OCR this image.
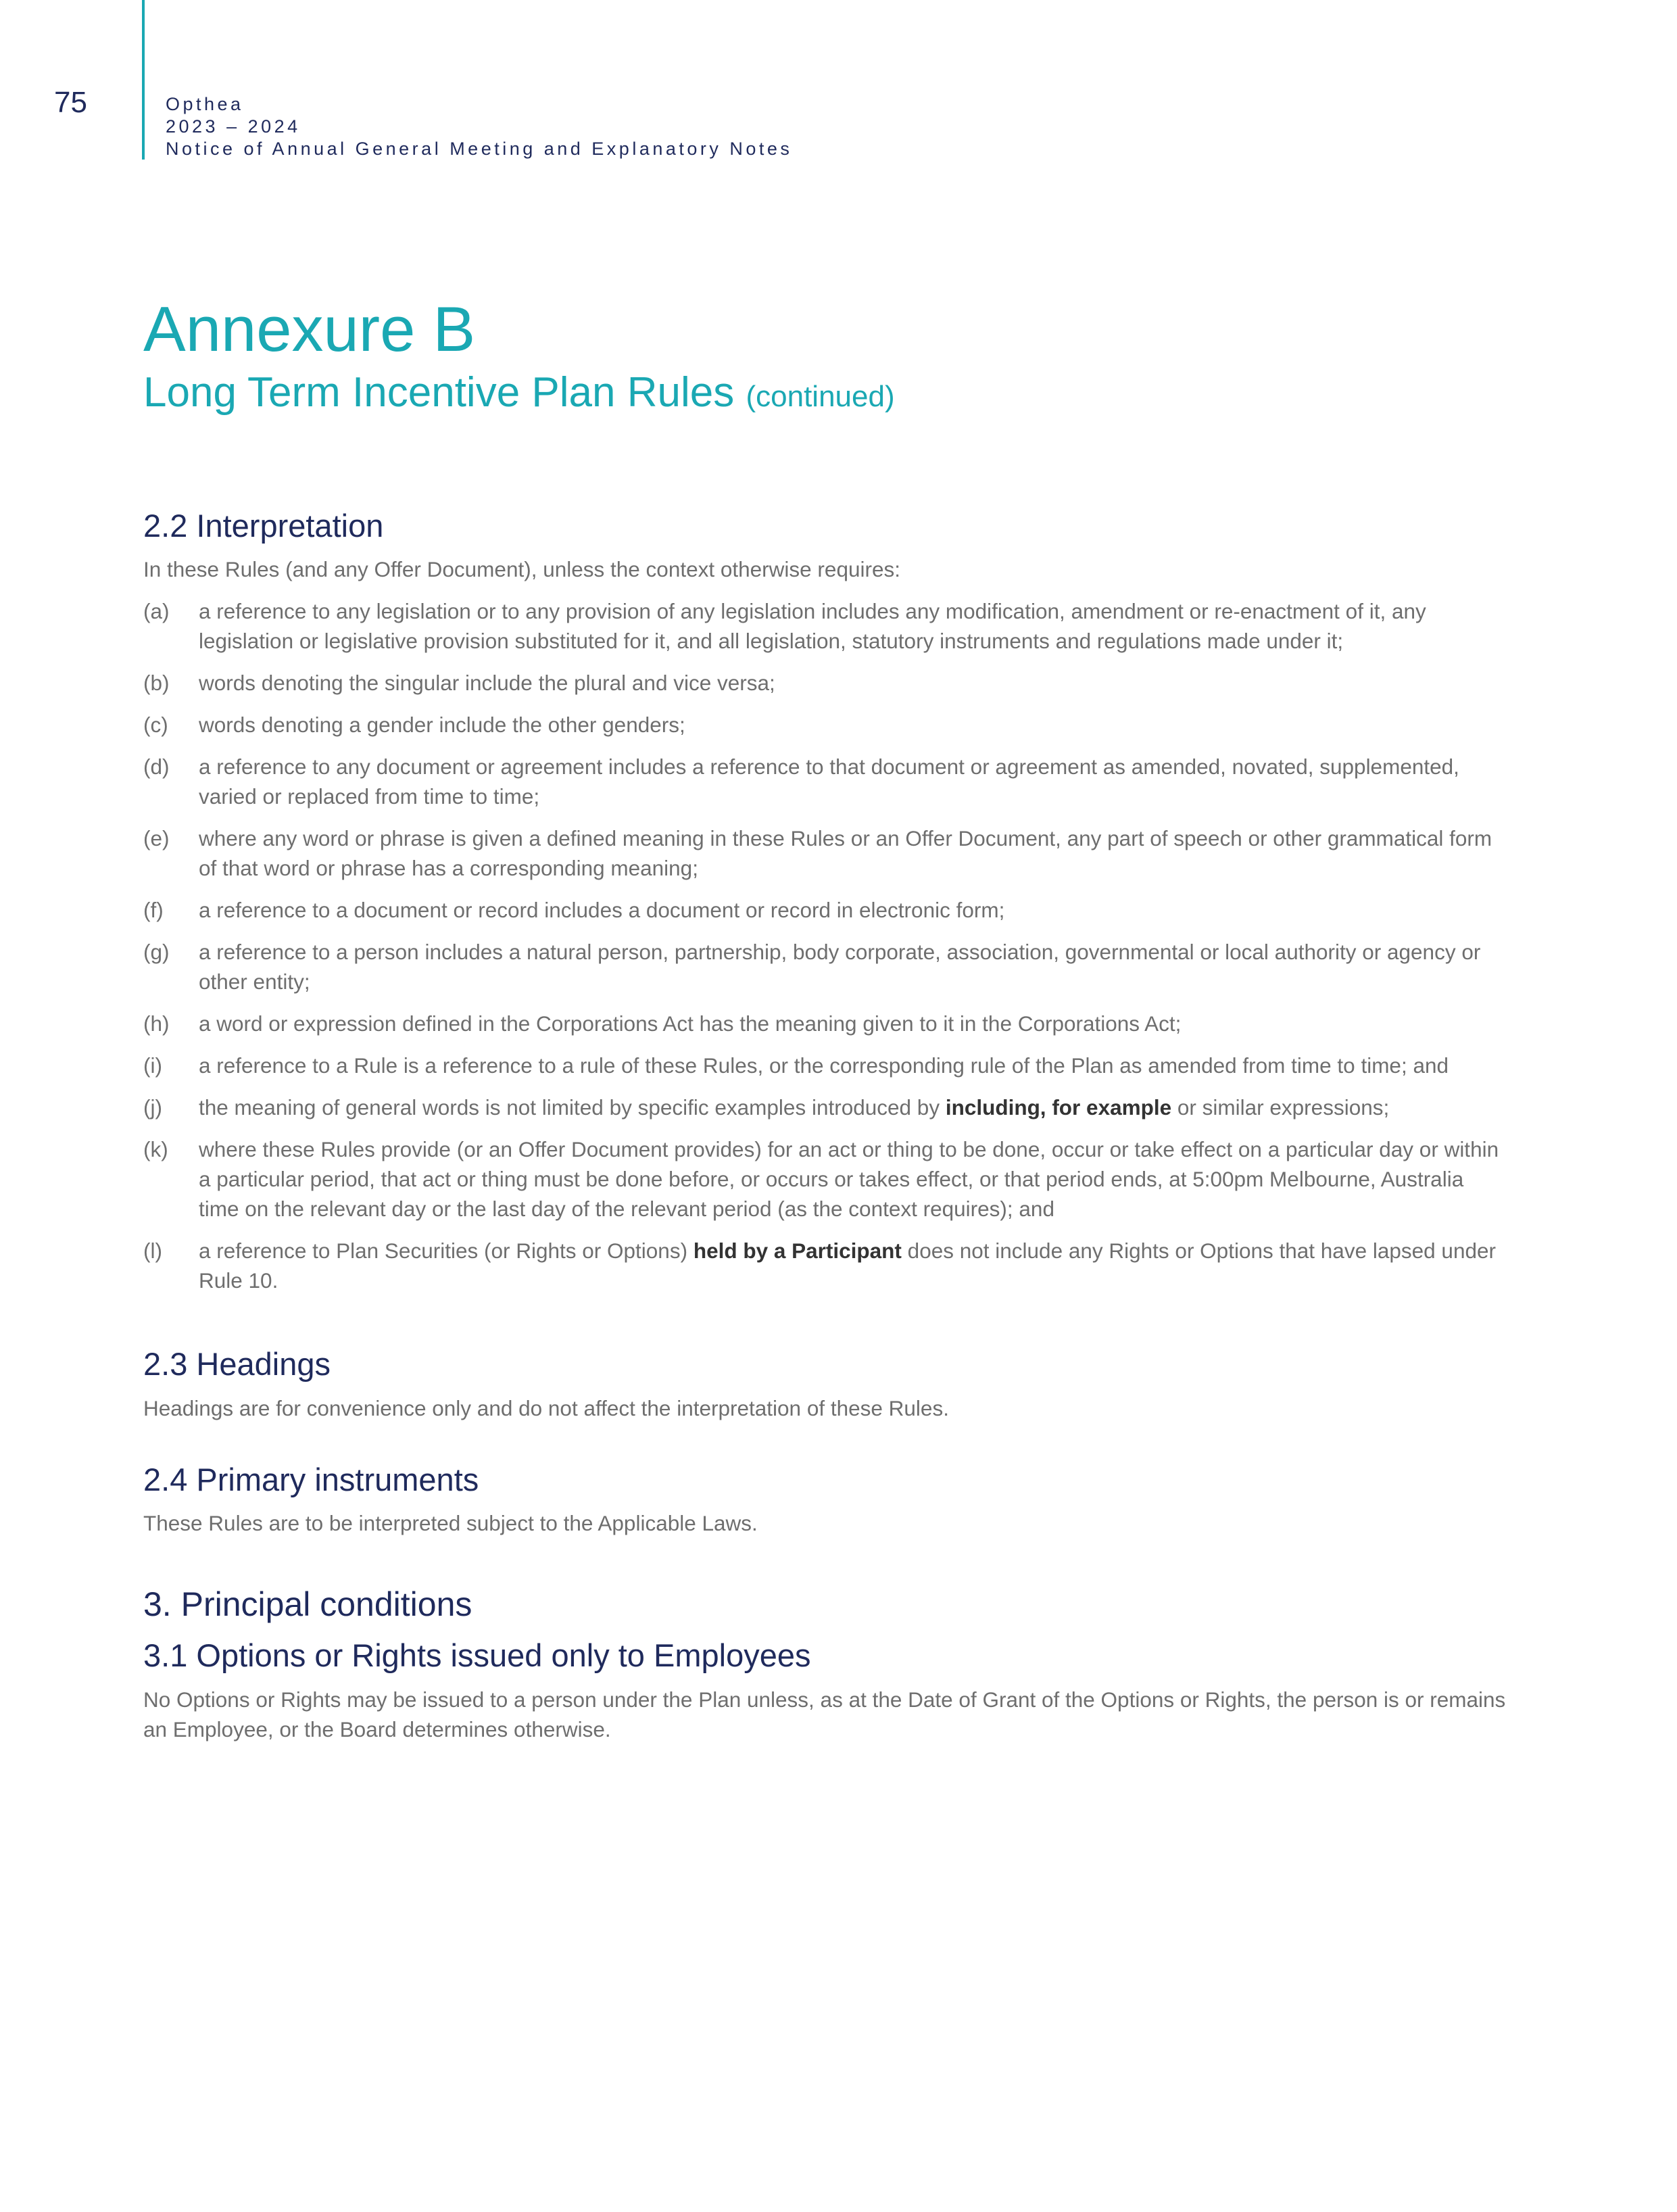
75	Opthea
2023 – 2024
Notice of Annual General Meeting and Explanatory Notes
Annexure B
Long Term Incentive Plan Rules (continued)
2.2 Interpretation

In these Rules (and any Offer Document), unless the context otherwise requires:

(a)	a reference to any legislation or to any provision of any legislation includes any modification, amendment or re-enactment of it, any legislation or legislative provision substituted for it, and all legislation, statutory instruments and regulations made under it;
(b)	words denoting the singular include the plural and vice versa;
(c)	words denoting a gender include the other genders;
(d)	a reference to any document or agreement includes a reference to that document or agreement as amended, novated, supplemented, varied or replaced from time to time;
(e)	where any word or phrase is given a defined meaning in these Rules or an Offer Document, any part of speech or other grammatical form of that word or phrase has a corresponding meaning;
(f)	a reference to a document or record includes a document or record in electronic form;
(g)	a reference to a person includes a natural person, partnership, body corporate, association, governmental or local authority or agency or other entity;
(h)	a word or expression defined in the Corporations Act has the meaning given to it in the Corporations Act;
(i)	a reference to a Rule is a reference to a rule of these Rules, or the corresponding rule of the Plan as amended from time to time; and
(j)	the meaning of general words is not limited by specific examples introduced by including, for example or similar expressions;
(k)	where these Rules provide (or an Offer Document provides) for an act or thing to be done, occur or take effect on a particular day or within a particular period, that act or thing must be done before, or occurs or takes effect, or that period ends, at 5:00pm Melbourne, Australia time on the relevant day or the last day of the relevant period (as the context requires); and
(l)	a reference to Plan Securities (or Rights or Options) held by a Participant does not include any Rights or Options that have lapsed under Rule 10.
2.3 Headings

Headings are for convenience only and do not affect the interpretation of these Rules.

2.4 Primary instruments

These Rules are to be interpreted subject to the Applicable Laws.

3. Principal conditions
3.1 Options or Rights issued only to Employees

No Options or Rights may be issued to a person under the Plan unless, as at the Date of Grant of the Options or Rights, the person is or remains an Employee, or the Board determines otherwise.
